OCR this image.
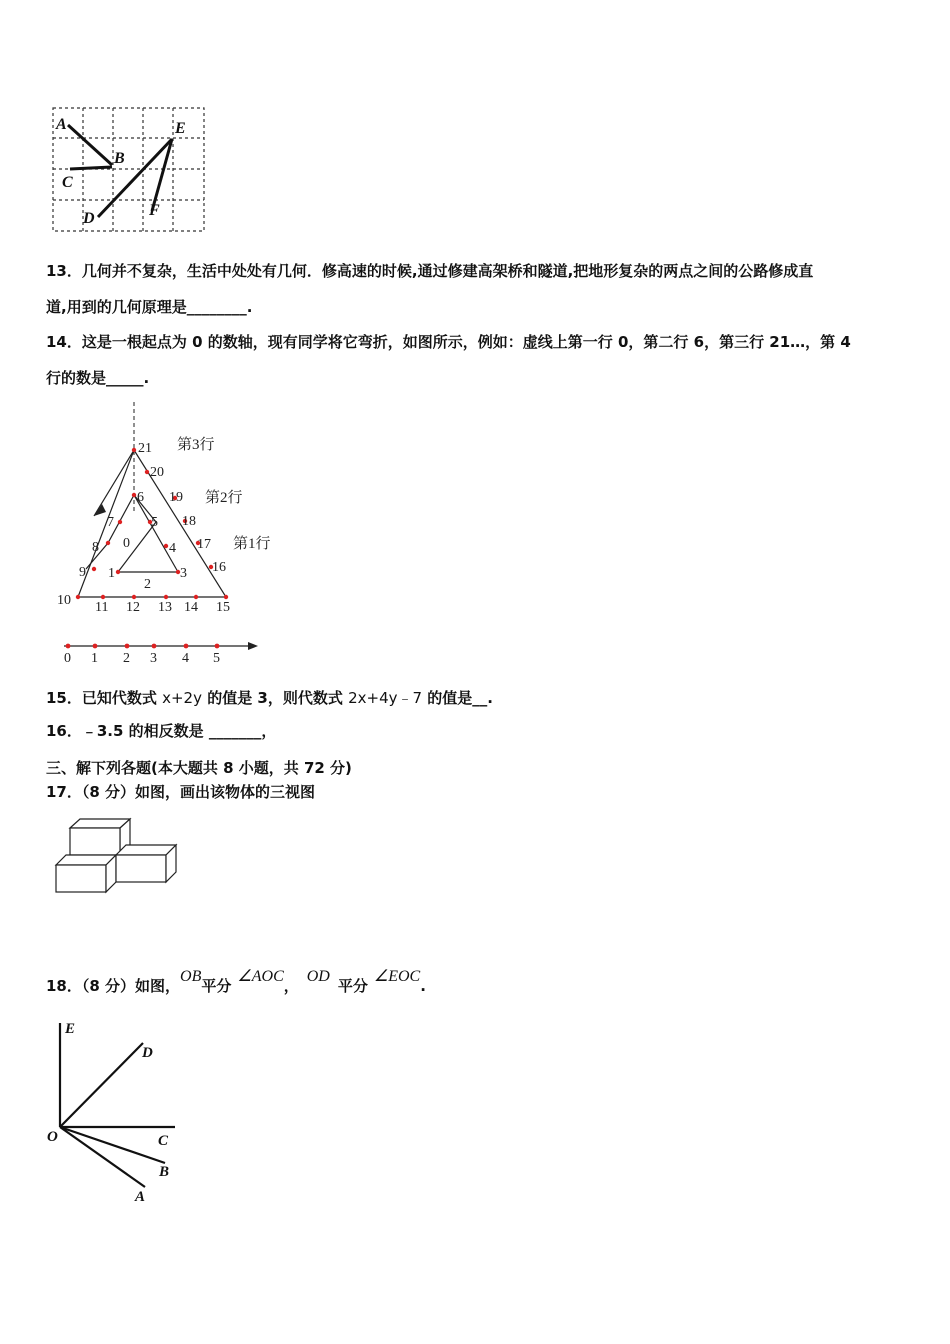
A
B
C
D
E
F
13．几何并不复杂，生活中处处有几何．修高速的时候,通过修建高架桥和隧道,把地形复杂的两点之间的公路修成直
道,用到的几何原理是________.
14．这是一根起点为 0 的数轴，现有同学将它弯折，如图所示，例如：虚线上第一行 0，第二行 6，第三行 21…，第 4
行的数是_____.
0
1
2
3
4
5
6
7
8
9
10 11 12 13 14 15
16
17
18
19
20
21 第3行
第2行
第1行
0 1 2 3 4 5
15．已知代数式 x+2y 的值是 3，则代数式 2x+4y﹣7 的值是__.
16．﹣3.5 的相反数是 _______，
三、解下列各题(本大题共 8 小题，共 72 分)
17．（8 分）如图，画出该物体的三视图
18．（8 分）如图，OB平分∠AOC，OD平分∠EOC.
E
D
O	C
B
A
